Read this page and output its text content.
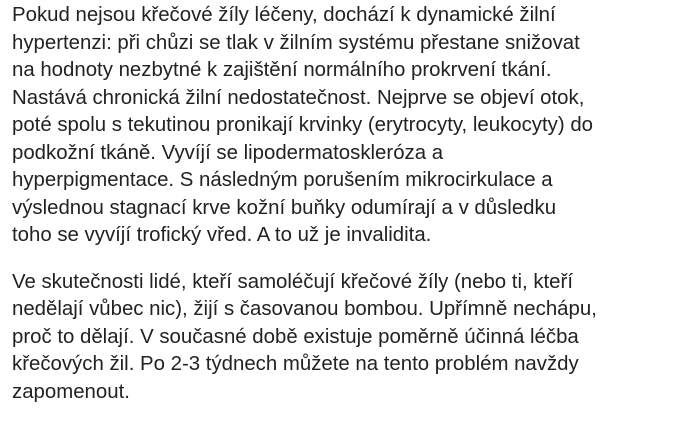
Pokud nejsou křečové žíly léčeny, dochází k dynamické žilní
hypertenzi: při chůzi se tlak v žilním systému přestane snižovat
na hodnoty nezbytné k zajištění normálního prokrvení tkání.
Nastává chronická žilní nedostatečnost. Nejprve se objeví otok,
poté spolu s tekutinou pronikají krvinky (erytrocyty, leukocyty) do
podkožní tkáně. Vyvíjí se lipodermatoskleróza a
hyperpigmentace. S následným porušením mikrocirkulace a
výslednou stagnací krve kožní buňky odumírají a v důsledku
toho se vyvíjí trofický vřed. A to už je invalidita.

Ve skutečnosti lidé, kteří samoléčují křečové žíly (nebo ti, kteří
nedělají vůbec nic), žijí s časovanou bombou. Upřímně nechápu,
proč to dělají. V současné době existuje poměrně účinná léčba
křečových žil. Po 2-3 týdnech můžete na tento problém navždy
zapomenout.
